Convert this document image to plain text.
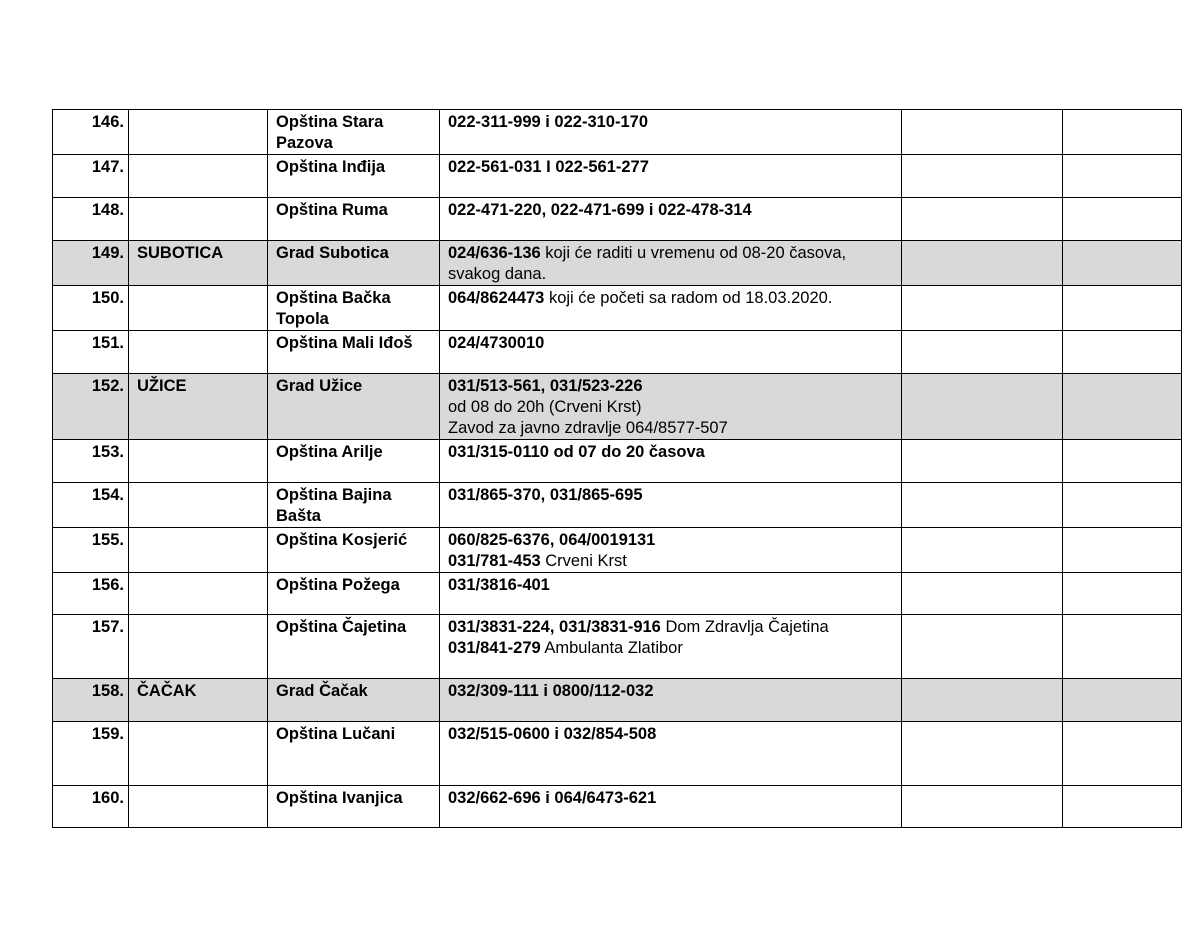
146.		Opština Stara Pazova	022-311-999 i 022-310-170		

147.		Opština Inđija	022-561-031 I 022-561-277		

148.		Opština Ruma	022-471-220, 022-471-699 i 022-478-314		

149.	SUBOTICA	Grad Subotica	024/636-136 koji će raditi u vremenu od 08-20 časova,
svakog dana.		

150.		Opština Bačka Topola	064/8624473 koji će početi sa radom od 18.03.2020.		

151.		Opština Mali Iđoš	024/4730010		

152.	UŽICE	Grad Užice	031/513-561, 031/523-226
od 08 do 20h (Crveni Krst)
Zavod za javno zdravlje 064/8577-507		

153.		Opština Arilje	031/315-0110 od 07 do 20 časova		

154.		Opština Bajina Bašta	031/865-370, 031/865-695		

155.		Opština Kosjerić	060/825-6376, 064/0019131
031/781-453 Crveni Krst		

156.		Opština Požega	031/3816-401		

157.		Opština Čajetina	031/3831-224, 031/3831-916 Dom Zdravlja Čajetina
031/841-279 Ambulanta Zlatibor		

158.	ČAČAK	Grad Čačak	032/309-111 i 0800/112-032		

159.		Opština Lučani	032/515-0600 i 032/854-508		

160.		Opština Ivanjica	032/662-696 i 064/6473-621		
